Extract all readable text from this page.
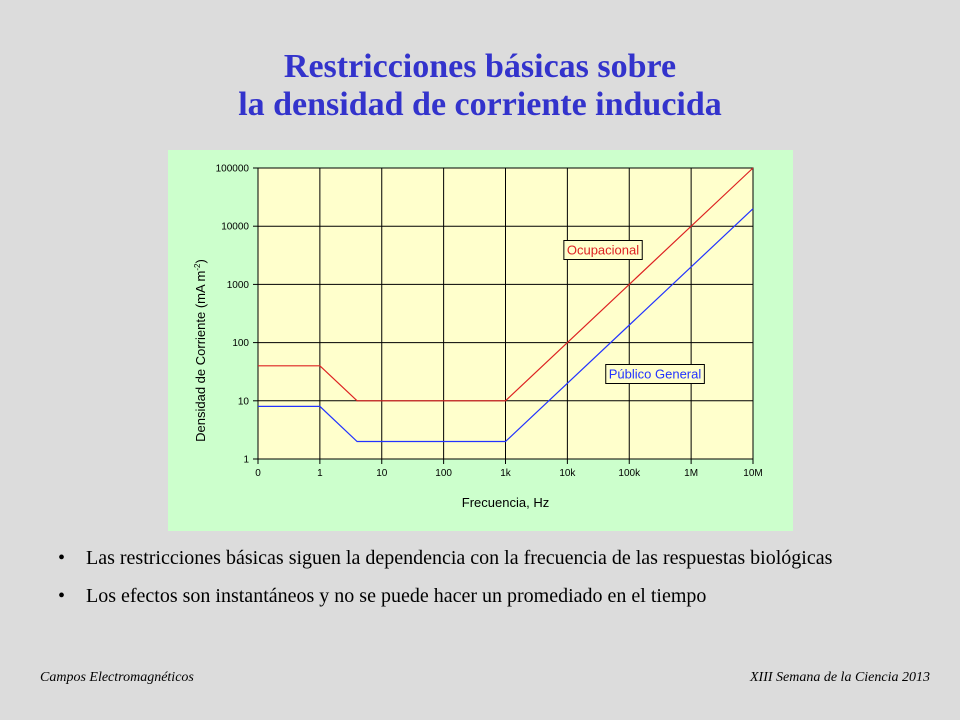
Restricciones básicas sobre
la densidad de corriente inducida
1
10
100
1000
10000
100000
0	1	10	100	1k	10k	100k	1M	10M
Ocupacional
Público General
Frecuencia, Hz
Densidad de Corriente (mA $m^{-2}$)
• Las restricciones básicas siguen la dependencia con la frecuencia de las respuestas biológicas
• Los efectos son instantáneos y no se puede hacer un promediado en el tiempo
Campos Electromagnéticos	XIII Semana de la Ciencia 2013
